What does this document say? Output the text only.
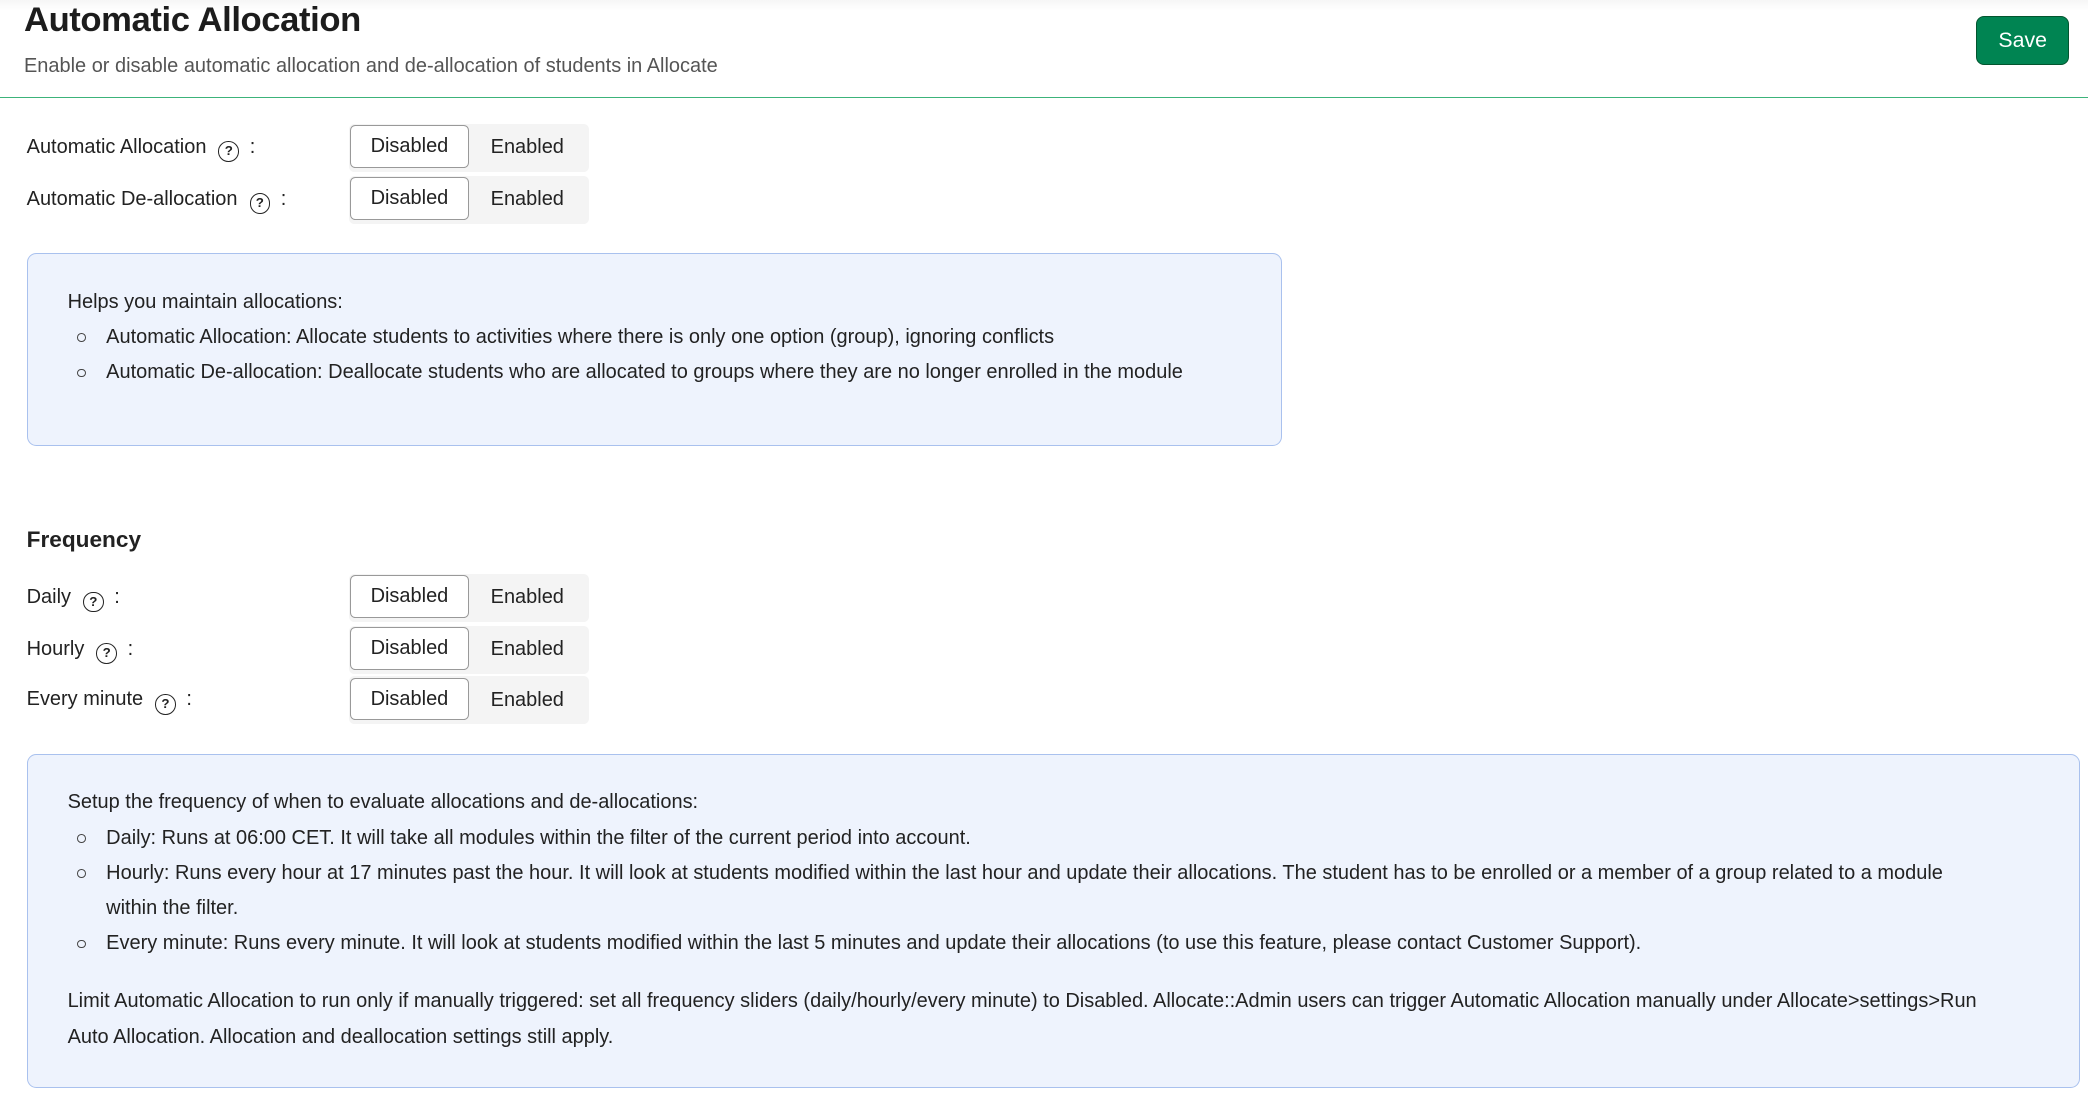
Automatic Allocation
Enable or disable automatic allocation and de-allocation of students in Allocate
Save
Automatic Allocation ? :	Disabled	Enabled
Automatic De-allocation ? :	Disabled	Enabled
Helps you maintain allocations:
Automatic Allocation: Allocate students to activities where there is only one option (group), ignoring conflicts
Automatic De-allocation: Deallocate students who are allocated to groups where they are no longer enrolled in the module
Frequency
Daily ? :	Disabled	Enabled
Hourly ? :	Disabled	Enabled
Every minute ? :	Disabled	Enabled
Setup the frequency of when to evaluate allocations and de-allocations:
Daily: Runs at 06:00 CET. It will take all modules within the filter of the current period into account.
Hourly: Runs every hour at 17 minutes past the hour. It will look at students modified within the last hour and update their allocations. The student has to be enrolled or a member of a group related to a module within the filter.
Every minute: Runs every minute. It will look at students modified within the last 5 minutes and update their allocations (to use this feature, please contact Customer Support).
Limit Automatic Allocation to run only if manually triggered: set all frequency sliders (daily/hourly/every minute) to Disabled. Allocate::Admin users can trigger Automatic Allocation manually under Allocate>settings>Run Auto Allocation. Allocation and deallocation settings still apply.
